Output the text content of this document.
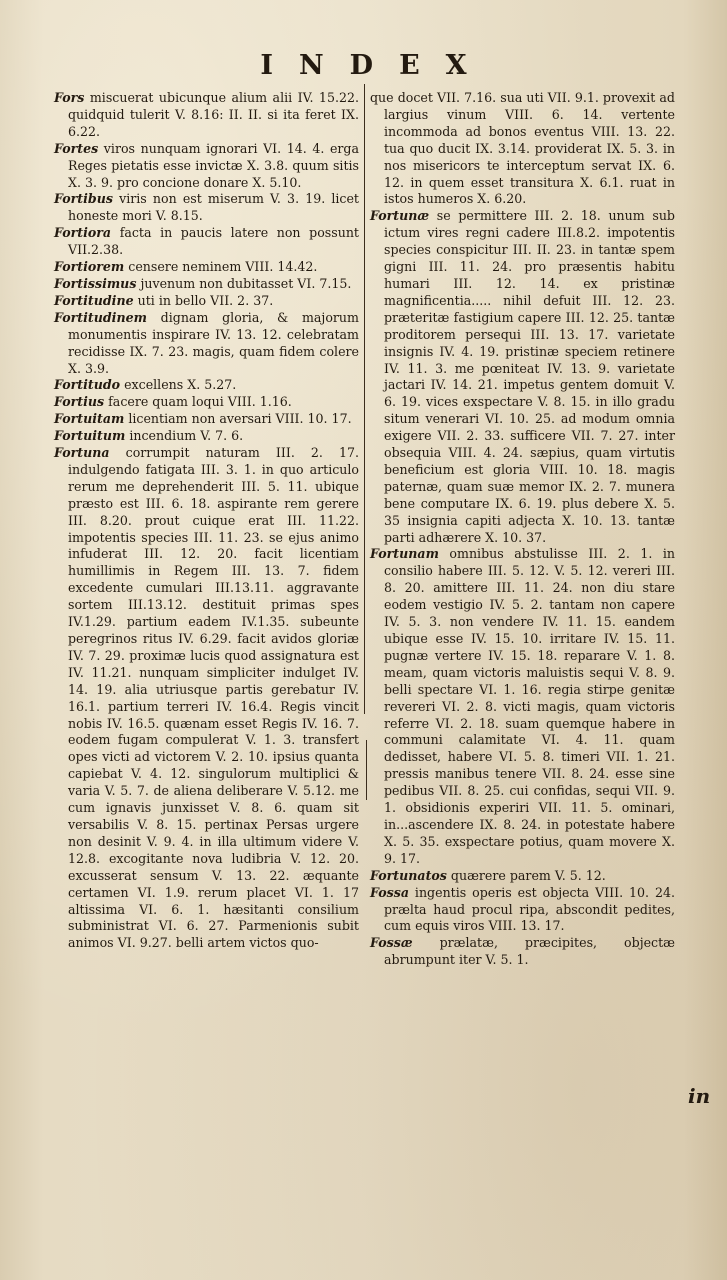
INDEX

Fors miscuerat ubicunque alium alii IV. 15.22. quidquid tulerit V. 8.16: II. II. si ita feret IX. 6.22.

Fortes viros nunquam ignorari VI. 14. 4. erga Reges pietatis esse invictæ X. 3.8. quum sitis X. 3. 9. pro concione donare X. 5.10.

Fortibus viris non est miserum V. 3. 19. licet honeste mori V. 8.15.

Fortiora facta in paucis latere non possunt VII.2.38.

Fortiorem censere neminem VIII. 14.42.

Fortissimus juvenum non dubitasset VI. 7.15.

Fortitudine uti in bello VII. 2. 37.

Fortitudinem dignam gloria, & majorum monumentis inspirare IV. 13. 12. celebratam recidisse IX. 7. 23. magis, quam fidem colere X. 3.9.

Fortitudo excellens X. 5.27.

Fortius facere quam loqui VIII. 1.16.

Fortuitam licentiam non aversari VIII. 10. 17.

Fortuitum incendium V. 7. 6.

Fortuna corrumpit naturam III. 2. 17. indulgendo fatigata III. 3. 1. in quo articulo rerum me deprehenderit III. 5. 11. ubique præsto est III. 6. 18. aspirante rem gerere III. 8.20. prout cuique erat III. 11.22. impotentis species III. 11. 23. se ejus animo infuderat III. 12. 20. facit licentiam humillimis in Regem III. 13. 7. fidem excedente cumulari III.13.11. aggravante sortem III.13.12. destituit primas spes IV.1.29. partium eadem IV.1.35. subeunte peregrinos ritus IV. 6.29. facit avidos gloriæ IV. 7. 29. proximæ lucis quod assignatura est IV. 11.21. nunquam simpliciter indulget IV. 14. 19. alia utriusque partis gerebatur IV. 16.1. partium terreri IV. 16.4. Regis vincit nobis IV. 16.5. quænam esset Regis IV. 16. 7. eodem fugam compulerat V. 1. 3. transfert opes victi ad victorem V. 2. 10. ipsius quanta capiebat V. 4. 12. singulorum multiplici & varia V. 5. 7. de aliena deliberare V. 5.12. me cum ignavis junxisset V. 8. 6. quam sit versabilis V. 8. 15. pertinax Persas urgere non desinit V. 9. 4. in illa ultimum videre V. 12.8. excogitante nova ludibria V. 12. 20. excusserat sensum V. 13. 22. æquante certamen VI. 1.9. rerum placet VI. 1. 17 altissima VI. 6. 1. hæsitanti consilium subministrat VI. 6. 27. Parmenionis subit animos VI. 9.27. belli artem victos quo-

que docet VII. 7.16. sua uti VII. 9.1. provexit ad largius vinum VIII. 6. 14. vertente incommoda ad bonos eventus VIII. 13. 22. tua quo ducit IX. 3.14. providerat IX. 5. 3. in nos misericors te interceptum servat IX. 6. 12. in quem esset transitura X. 6.1. ruat in istos humeros X. 6.20.

Fortunæ se permittere III. 2. 18. unum sub ictum vires regni cadere III.8.2. impotentis species conspicitur III. II. 23. in tantæ spem gigni III. 11. 24. pro præsentis habitu humari III. 12. 14. ex pristinæ magnificentia..... nihil defuit III. 12. 23. præteritæ fastigium capere III. 12. 25. tantæ proditorem persequi III. 13. 17. varietate insignis IV. 4. 19. pristinæ speciem retinere IV. 11. 3. me pœniteat IV. 13. 9. varietate jactari IV. 14. 21. impetus gentem domuit V. 6. 19. vices exspectare V. 8. 15. in illo gradu situm venerari VI. 10. 25. ad modum omnia exigere VII. 2. 33. sufficere VII. 7. 27. inter obsequia VIII. 4. 24. sæpius, quam virtutis beneficium est gloria VIII. 10. 18. magis paternæ, quam suæ memor IX. 2. 7. munera bene computare IX. 6. 19. plus debere X. 5. 35 insignia capiti adjecta X. 10. 13. tantæ parti adhærere X. 10. 37.

Fortunam omnibus abstulisse III. 2. 1. in consilio habere III. 5. 12. V. 5. 12. vereri III. 8. 20. amittere III. 11. 24. non diu stare eodem vestigio IV. 5. 2. tantam non capere IV. 5. 3. non vendere IV. 11. 15. eandem ubique esse IV. 15. 10. irritare IV. 15. 11. pugnæ vertere IV. 15. 18. reparare V. 1. 8. meam, quam victoris maluistis sequi V. 8. 9. belli spectare VI. 1. 16. regia stirpe genitæ revereri VI. 2. 8. victi magis, quam victoris referre VI. 2. 18. suam quemque habere in communi calamitate VI. 4. 11. quam dedisset, habere VI. 5. 8. timeri VII. 1. 21. pressis manibus tenere VII. 8. 24. esse sine pedibus VII. 8. 25. cui confidas, sequi VII. 9. 1. obsidionis experiri VII. 11. 5. ominari, in...ascendere IX. 8. 24. in potestate habere X. 5. 35. exspectare potius, quam movere X. 9. 17.

Fortunatos quærere parem V. 5. 12.

Fossa ingentis operis est objecta VIII. 10. 24. prælta haud procul ripa, abscondit pedites, cum equis viros VIII. 13. 17.

Fossæ prælatæ, præcipites, objectæ abrumpunt iter V. 5. 1.

in
